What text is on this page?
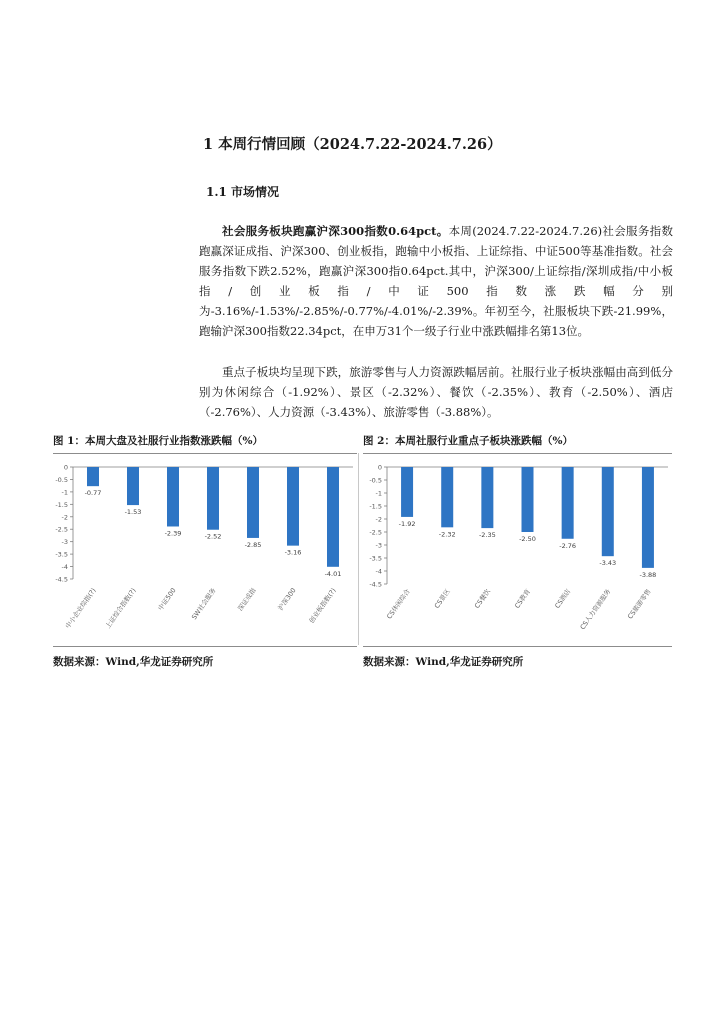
1 本周行情回顾（2024.7.22-2024.7.26）
1.1 市场情况

社会服务板块跑赢沪深300指数0.64pct。本周(2024.7.22-2024.7.26)社会服务指数跑赢深证成指、沪深300、创业板指，跑输中小板指、上证综指、中证500等基准指数。社会服务指数下跌2.52%，跑赢沪深300指0.64pct.其中，沪深300/上证综指/深圳成指/中小板指/创业板指/中证500指数涨跌幅分别为-3.16%/-1.53%/-2.85%/-0.77%/-4.01%/-2.39%。年初至今，社服板块下跌-21.99%，跑输沪深300指数22.34pct，在申万31个一级子行业中涨跌幅排名第13位。

重点子板块均呈现下跌，旅游零售与人力资源跌幅居前。社服行业子板块涨幅由高到低分别为休闲综合（-1.92%）、景区（-2.32%）、餐饮（-2.35%）、教育（-2.50%）、酒店（-2.76%）、人力资源（-3.43%）、旅游零售（-3.88%）。

图 1：本周大盘及社服行业指数涨跌幅（%）	图 2：本周社服行业重点子板块涨跌幅（%）
0
-0.5
-1
-1.5
-2
-2.5
-3
-3.5
-4
-4.5
-0.77
中小企业综指(?)
-1.53
上证综合指数(?)
-2.39
中证500
-2.52
SW社会服务
-2.85
深证成指
-3.16
沪深300
-4.01
创业板指数(?)
0
-0.5
-1
-1.5
-2
-2.5
-3
-3.5
-4
-4.5
-1.92
CS休闲综合
-2.32
CS景区
-2.35
CS餐饮
-2.50
CS教育
-2.76
CS酒店
-3.43
CS人力资源服务
-3.88
CS旅游零售
数据来源：Wind,华龙证券研究所	数据来源：Wind,华龙证券研究所
